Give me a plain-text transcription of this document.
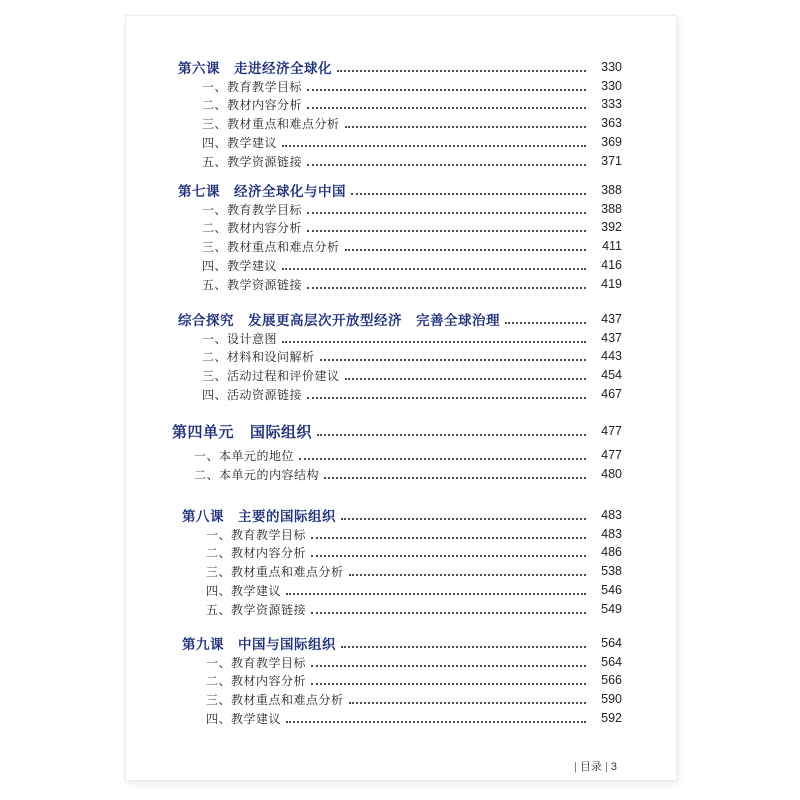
第六课 走进经济全球化	330
一、教育教学目标	330
二、教材内容分析	333
三、教材重点和难点分析	363
四、教学建议	369
五、教学资源链接	371
第七课 经济全球化与中国	388
一、教育教学目标	388
二、教材内容分析	392
三、教材重点和难点分析	411
四、教学建议	416
五、教学资源链接	419
综合探究 发展更高层次开放型经济　完善全球治理	437
一、设计意图	437
二、材料和设问解析	443
三、活动过程和评价建议	454
四、活动资源链接	467
第四单元 国际组织	477
一、本单元的地位	477
二、本单元的内容结构	480
第八课 主要的国际组织	483
一、教育教学目标	483
二、教材内容分析	486
三、教材重点和难点分析	538
四、教学建议	546
五、教学资源链接	549
第九课 中国与国际组织	564
一、教育教学目标	564
二、教材内容分析	566
三、教材重点和难点分析	590
四、教学建议	592
| 目录 | 3
